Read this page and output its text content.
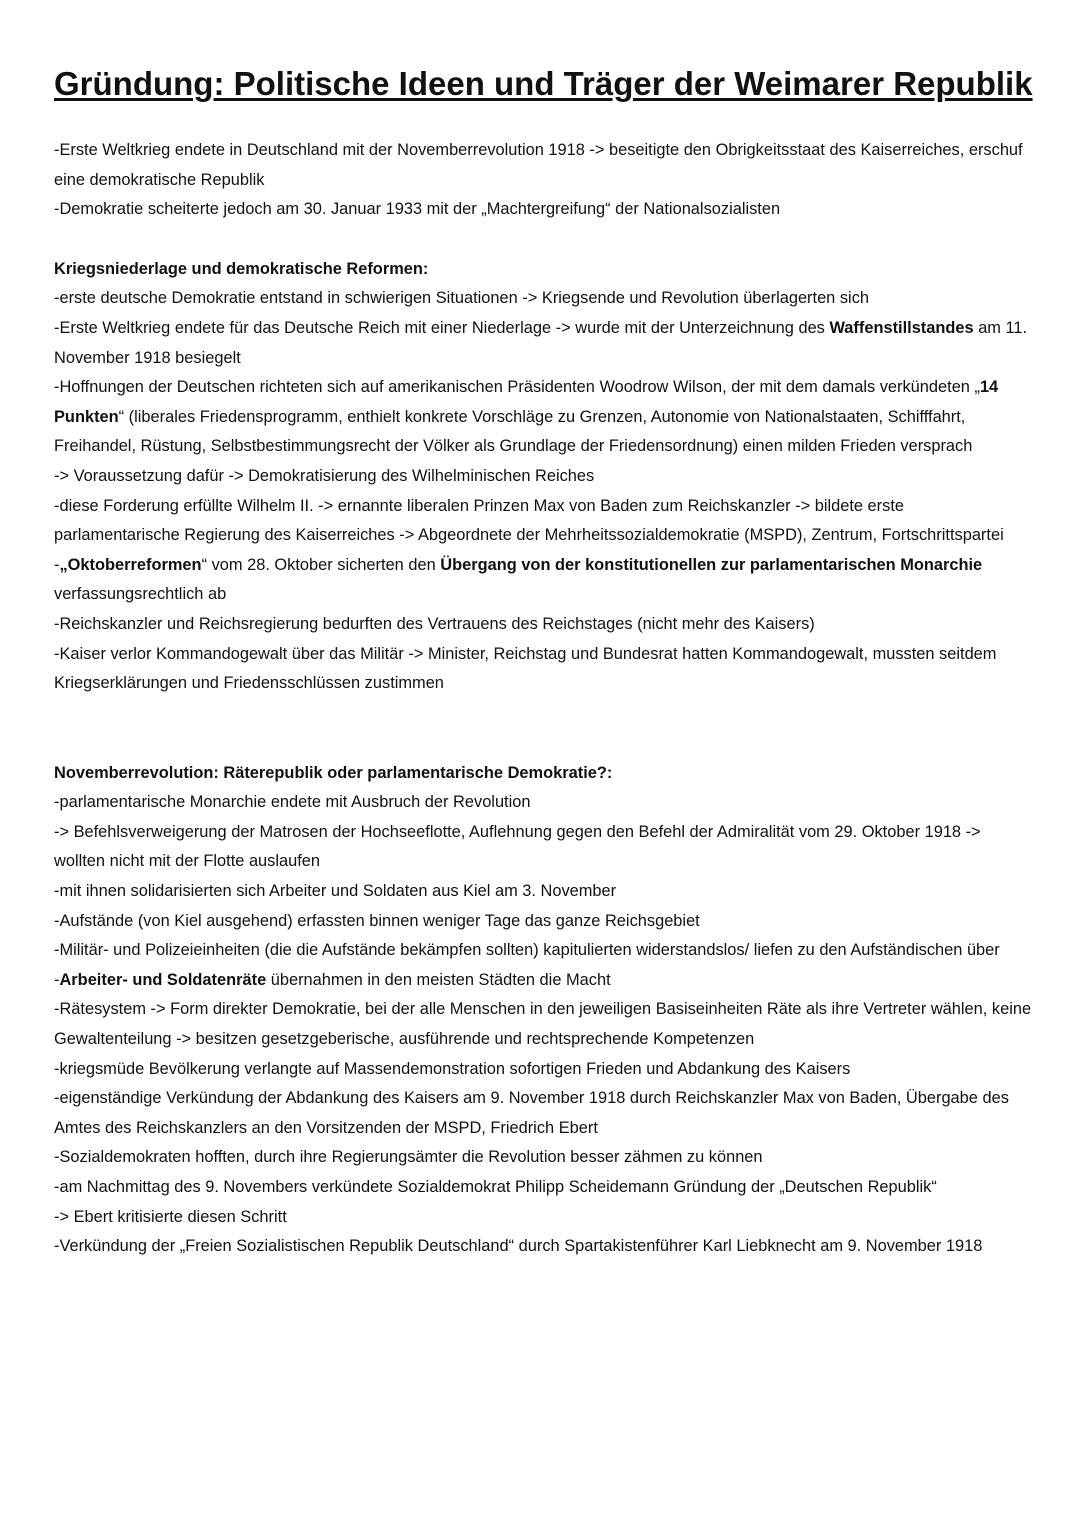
Gründung: Politische Ideen und Träger der Weimarer Republik

-Erste Weltkrieg endete in Deutschland mit der Novemberrevolution 1918 -> beseitigte den Obrigkeitsstaat des Kaiserreiches, erschuf eine demokratische Republik

-Demokratie scheiterte jedoch am 30. Januar 1933 mit der „Machtergreifung“ der Nationalsozialisten

Kriegsniederlage und demokratische Reformen:

-erste deutsche Demokratie entstand in schwierigen Situationen -> Kriegsende und Revolution überlagerten sich

-Erste Weltkrieg endete für das Deutsche Reich mit einer Niederlage -> wurde mit der Unterzeichnung des Waffenstillstandes am 11. November 1918 besiegelt

-Hoffnungen der Deutschen richteten sich auf amerikanischen Präsidenten Woodrow Wilson, der mit dem damals verkündeten „14 Punkten“ (liberales Friedensprogramm, enthielt konkrete Vorschläge zu Grenzen, Autonomie von Nationalstaaten, Schifffahrt, Freihandel, Rüstung, Selbstbestimmungsrecht der Völker als Grundlage der Friedensordnung) einen milden Frieden versprach

-> Voraussetzung dafür -> Demokratisierung des Wilhelminischen Reiches

-diese Forderung erfüllte Wilhelm II. -> ernannte liberalen Prinzen Max von Baden zum Reichskanzler -> bildete erste parlamentarische Regierung des Kaiserreiches -> Abgeordnete der Mehrheitssozialdemokratie (MSPD), Zentrum, Fortschrittspartei

-„Oktoberreformen“ vom 28. Oktober sicherten den Übergang von der konstitutionellen zur parlamentarischen Monarchie verfassungsrechtlich ab

-Reichskanzler und Reichsregierung bedurften des Vertrauens des Reichstages (nicht mehr des Kaisers)

-Kaiser verlor Kommandogewalt über das Militär -> Minister, Reichstag und Bundesrat hatten Kommandogewalt, mussten seitdem Kriegserklärungen und Friedensschlüssen zustimmen

Novemberrevolution: Räterepublik oder parlamentarische Demokratie?:

-parlamentarische Monarchie endete mit Ausbruch der Revolution

-> Befehlsverweigerung der Matrosen der Hochseeflotte, Auflehnung gegen den Befehl der Admiralität vom 29. Oktober 1918 -> wollten nicht mit der Flotte auslaufen

-mit ihnen solidarisierten sich Arbeiter und Soldaten aus Kiel am 3. November

-Aufstände (von Kiel ausgehend) erfassten binnen weniger Tage das ganze Reichsgebiet

-Militär- und Polizeieinheiten (die die Aufstände bekämpfen sollten) kapitulierten widerstandslos/ liefen zu den Aufständischen über

-Arbeiter- und Soldatenräte übernahmen in den meisten Städten die Macht

-Rätesystem -> Form direkter Demokratie, bei der alle Menschen in den jeweiligen Basiseinheiten Räte als ihre Vertreter wählen, keine Gewaltenteilung -> besitzen gesetzgeberische, ausführende und rechtsprechende Kompetenzen

-kriegsmüde Bevölkerung verlangte auf Massendemonstration sofortigen Frieden und Abdankung des Kaisers

-eigenständige Verkündung der Abdankung des Kaisers am 9. November 1918 durch Reichskanzler Max von Baden, Übergabe des Amtes des Reichskanzlers an den Vorsitzenden der MSPD, Friedrich Ebert

-Sozialdemokraten hofften, durch ihre Regierungsämter die Revolution besser zähmen zu können

-am Nachmittag des 9. Novembers verkündete Sozialdemokrat Philipp Scheidemann Gründung der „Deutschen Republik“

-> Ebert kritisierte diesen Schritt

-Verkündung der „Freien Sozialistischen Republik Deutschland“ durch Spartakistenführer Karl Liebknecht am 9. November 1918
